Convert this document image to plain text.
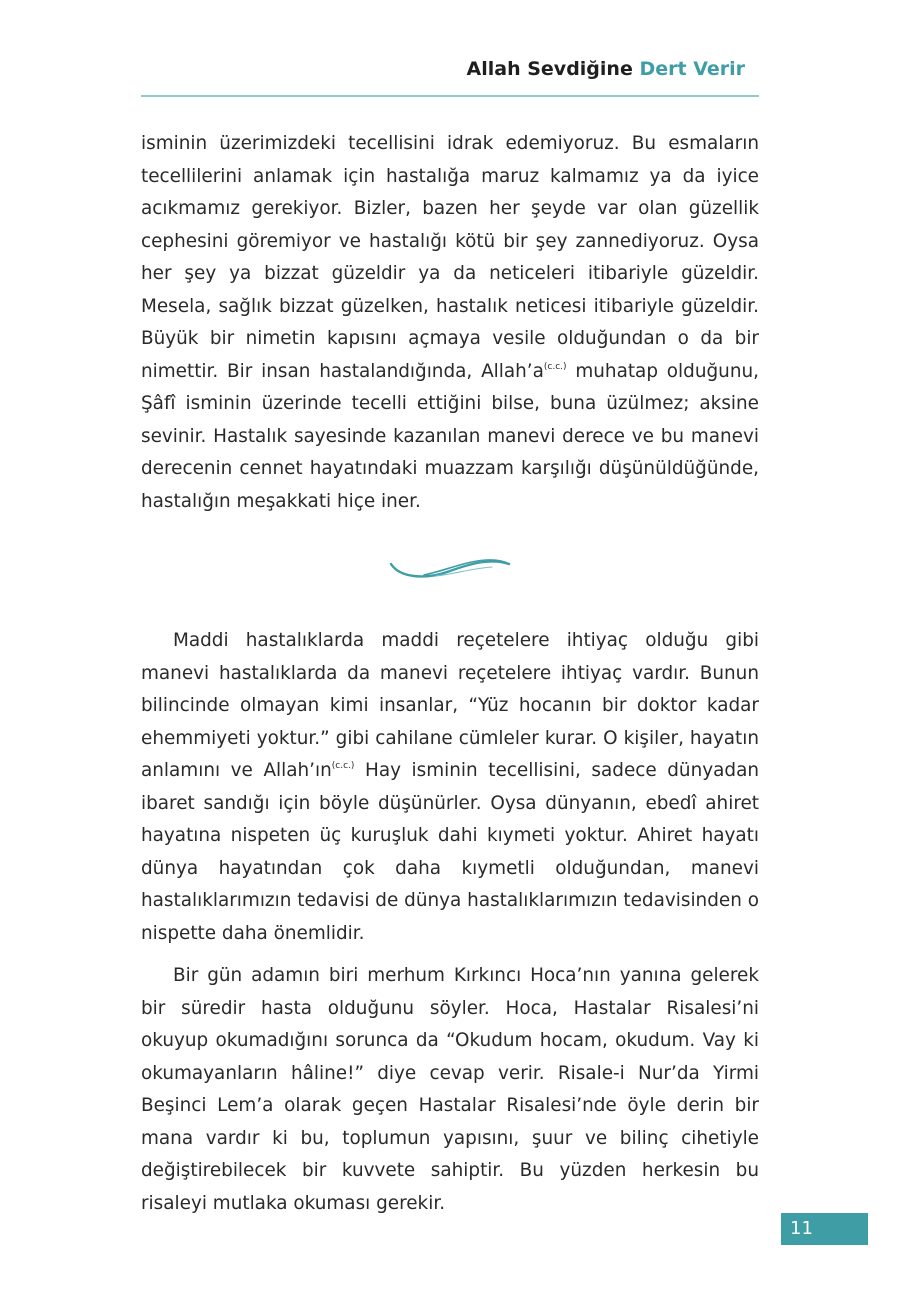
Allah Sevdiğine Dert Verir

isminin üzerimizdeki tecellisini idrak edemiyoruz. Bu esmaların tecellilerini anlamak için hastalığa maruz kalmamız ya da iyice acıkmamız gerekiyor. Bizler, bazen her şeyde var olan güzellik cephesini göremiyor ve hastalığı kötü bir şey zannediyoruz. Oysa her şey ya bizzat güzeldir ya da neticeleri itibariyle güzeldir. Mesela, sağlık bizzat güzelken, hastalık neticesi itibariyle güzeldir. Büyük bir nimetin kapısını açmaya vesile olduğundan o da bir nimettir. Bir insan hastalandığında, $Allah’a^{(c.c.)}$ muhatap olduğunu, Şâfî isminin üzerinde tecelli ettiğini bilse, buna üzülmez; aksine sevinir. Hastalık sayesinde kazanılan manevi derece ve bu manevi derecenin cennet hayatındaki muazzam karşılığı düşünüldüğünde, hastalığın meşakkati hiçe iner.

Maddi hastalıklarda maddi reçetelere ihtiyaç olduğu gibi manevi hastalıklarda da manevi reçetelere ihtiyaç vardır. Bunun bilincinde olmayan kimi insanlar, “Yüz hocanın bir doktor kadar ehemmiyeti yoktur.” gibi cahilane cümleler kurar. O kişiler, hayatın anlamını ve $Allah’ın^{(c.c.)}$ Hay isminin tecellisini, sadece dünyadan ibaret sandığı için böyle düşünürler. Oysa dünyanın, ebedî ahiret hayatına nispeten üç kuruşluk dahi kıymeti yoktur. Ahiret hayatı dünya hayatından çok daha kıymetli olduğundan, manevi hastalıklarımızın tedavisi de dünya hastalıklarımızın tedavisinden o nispette daha önemlidir.

Bir gün adamın biri merhum Kırkıncı Hoca’nın yanına gelerek bir süredir hasta olduğunu söyler. Hoca, Hastalar Risalesi’ni okuyup okumadığını sorunca da “Okudum hocam, okudum. Vay ki okumayanların hâline!” diye cevap verir. Risale-i Nur’da Yirmi Beşinci Lem’a olarak geçen Hastalar Risalesi’nde öyle derin bir mana vardır ki bu, toplumun yapısını, şuur ve bilinç cihetiyle değiştirebilecek bir kuvvete sahiptir. Bu yüzden herkesin bu risaleyi mutlaka okuması gerekir.

11
